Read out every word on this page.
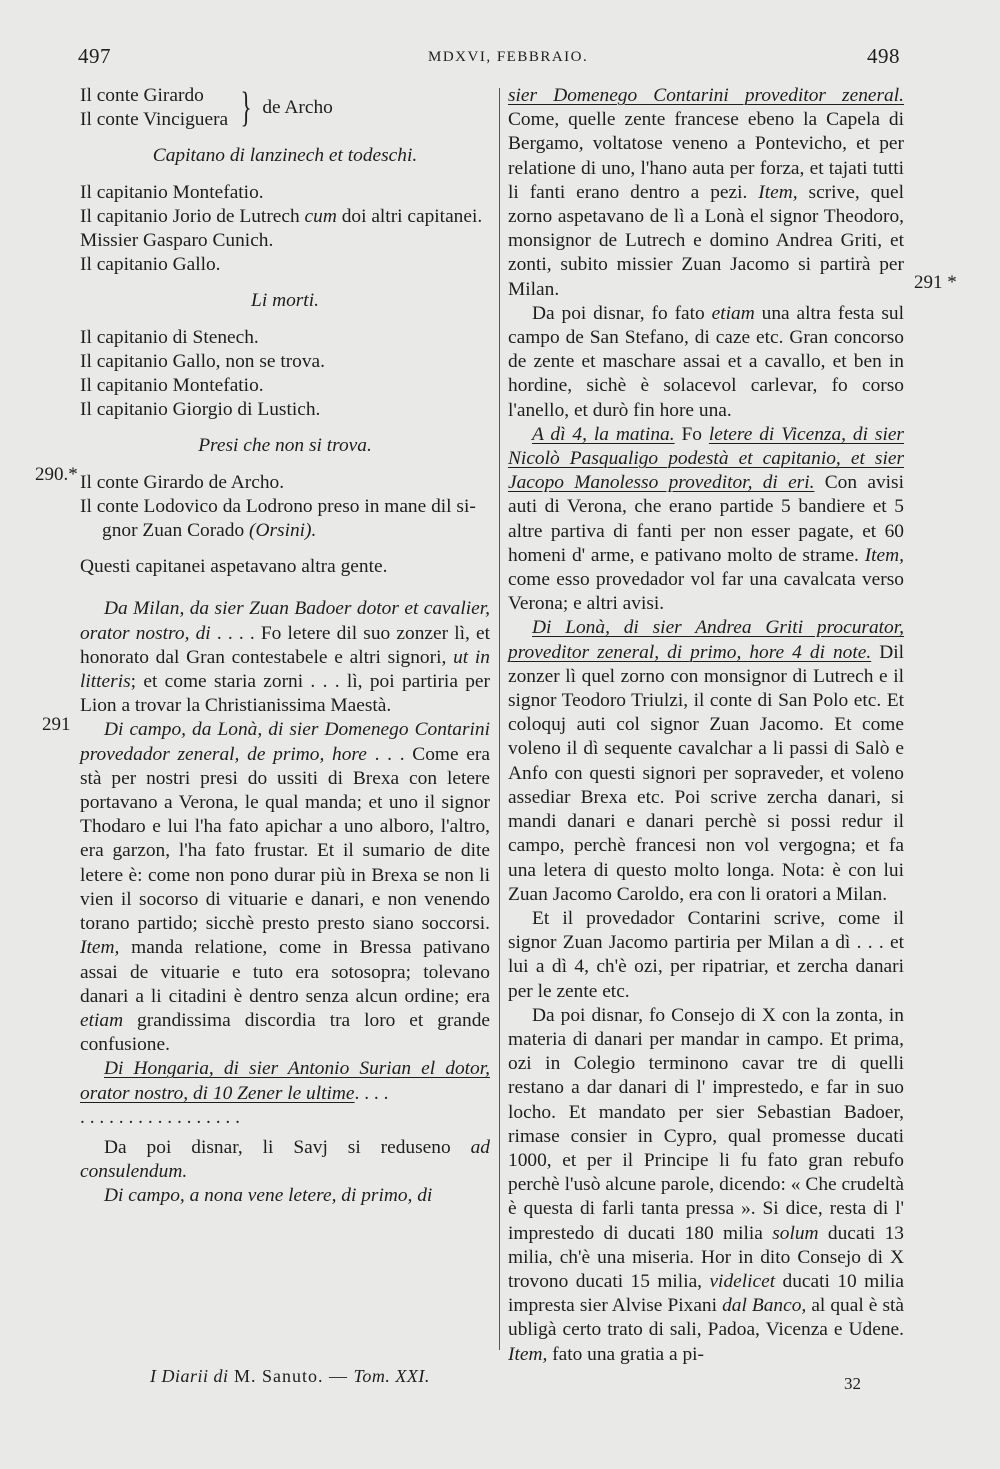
497	MDXVI, FEBBRAIO.	498
290.*
291
291 *

Il conte Girardo

Il conte Vinciguera } de Archo

Capitano di lanzinech et todeschi.

Il capitanio Montefatio.

Il capitanio Jorio de Lutrech cum doi altri capitanei.

Missier Gasparo Cunich.

Il capitanio Gallo.

Li morti.

Il capitanio di Stenech.

Il capitanio Gallo, non se trova.

Il capitanio Montefatio.

Il capitanio Giorgio di Lustich.

Presi che non si trova.

Il conte Girardo de Archo.

Il conte Lodovico da Lodrono preso in mane dil si-
gnor Zuan Corado (Orsini).

Questi capitanei aspetavano altra gente.

Da Milan, da sier Zuan Badoer dotor et cavalier, orator nostro, di . . . . Fo letere dil suo zonzer lì, et honorato dal Gran contestabele e altri signori, ut in litteris; et come staria zorni . . . lì, poi partiria per Lion a trovar la Christianissima Maestà.

Di campo, da Lonà, di sier Domenego Contarini provedador zeneral, de primo, hore . . . Come era stà per nostri presi do ussiti di Brexa con letere portavano a Verona, le qual manda; et uno il signor Thodaro e lui l'ha fato apichar a uno alboro, l'altro, era garzon, l'ha fato frustar. Et il sumario de dite letere è: come non pono durar più in Brexa se non li vien il socorso di vituarie e danari, e non venendo torano partido; sicchè presto presto siano soccorsi. Item, manda relatione, come in Bressa pativano assai de vituarie e tuto era sotosopra; tolevano danari a li citadini è dentro senza alcun ordine; era etiam grandissima discordia tra loro et grande confusione.

Di Hongaria, di sier Antonio Surian el dotor, orator nostro, di 10 Zener le ultime. . . .

. . . . . . . . . . . . . . . . .

Da poi disnar, li Savj si reduseno ad consulendum.

Di campo, a nona vene letere, di primo, di

sier Domenego Contarini proveditor zeneral. Come, quelle zente francese ebeno la Capela di Bergamo, voltatose veneno a Pontevicho, et per relatione di uno, l'hano auta per forza, et tajati tutti li fanti erano dentro a pezi. Item, scrive, quel zorno aspetavano de lì a Lonà el signor Theodoro, monsignor de Lutrech e domino Andrea Griti, et zonti, subito missier Zuan Jacomo si partirà per Milan.

Da poi disnar, fo fato etiam una altra festa sul campo de San Stefano, di caze etc. Gran concorso de zente et maschare assai et a cavallo, et ben in hordine, sichè è solacevol carlevar, fo corso l'anello, et durò fin hore una.

A dì 4, la matina. Fo letere di Vicenza, di sier Nicolò Pasqualigo podestà et capitanio, et sier Jacopo Manolesso proveditor, di eri. Con avisi auti di Verona, che erano partide 5 bandiere et 5 altre partiva di fanti per non esser pagate, et 60 homeni d' arme, e pativano molto de strame. Item, come esso provedador vol far una cavalcata verso Verona; e altri avisi.

Di Lonà, di sier Andrea Griti procurator, proveditor zeneral, di primo, hore 4 di note. Dil zonzer lì quel zorno con monsignor di Lutrech e il signor Teodoro Triulzi, il conte di San Polo etc. Et coloquj auti col signor Zuan Jacomo. Et come voleno il dì sequente cavalchar a li passi di Salò e Anfo con questi signori per sopraveder, et voleno assediar Brexa etc. Poi scrive zercha danari, si mandi danari e danari perchè si possi redur il campo, perchè francesi non vol vergogna; et fa una letera di questo molto longa. Nota: è con lui Zuan Jacomo Caroldo, era con li oratori a Milan.

Et il provedador Contarini scrive, come il signor Zuan Jacomo partiria per Milan a dì . . . et lui a dì 4, ch'è ozi, per ripatriar, et zercha danari per le zente etc.

Da poi disnar, fo Consejo di X con la zonta, in materia di danari per mandar in campo. Et prima, ozi in Colegio terminono cavar tre di quelli restano a dar danari di l' imprestedo, e far in suo locho. Et mandato per sier Sebastian Badoer, rimase consier in Cypro, qual promesse ducati 1000, et per il Principe li fu fato gran rebufo perchè l'usò alcune parole, dicendo: « Che crudeltà è questa di farli tanta pressa ». Si dice, resta di l' imprestedo di ducati 180 milia solum ducati 13 milia, ch'è una miseria. Hor in dito Consejo di X trovono ducati 15 milia, videlicet ducati 10 milia impresta sier Alvise Pixani dal Banco, al qual è stà ubligà certo trato di sali, Padoa, Vicenza e Udene. Item, fato una gratia a pi-

I Diarii di M. Sanuto. — Tom. XXI.	32
